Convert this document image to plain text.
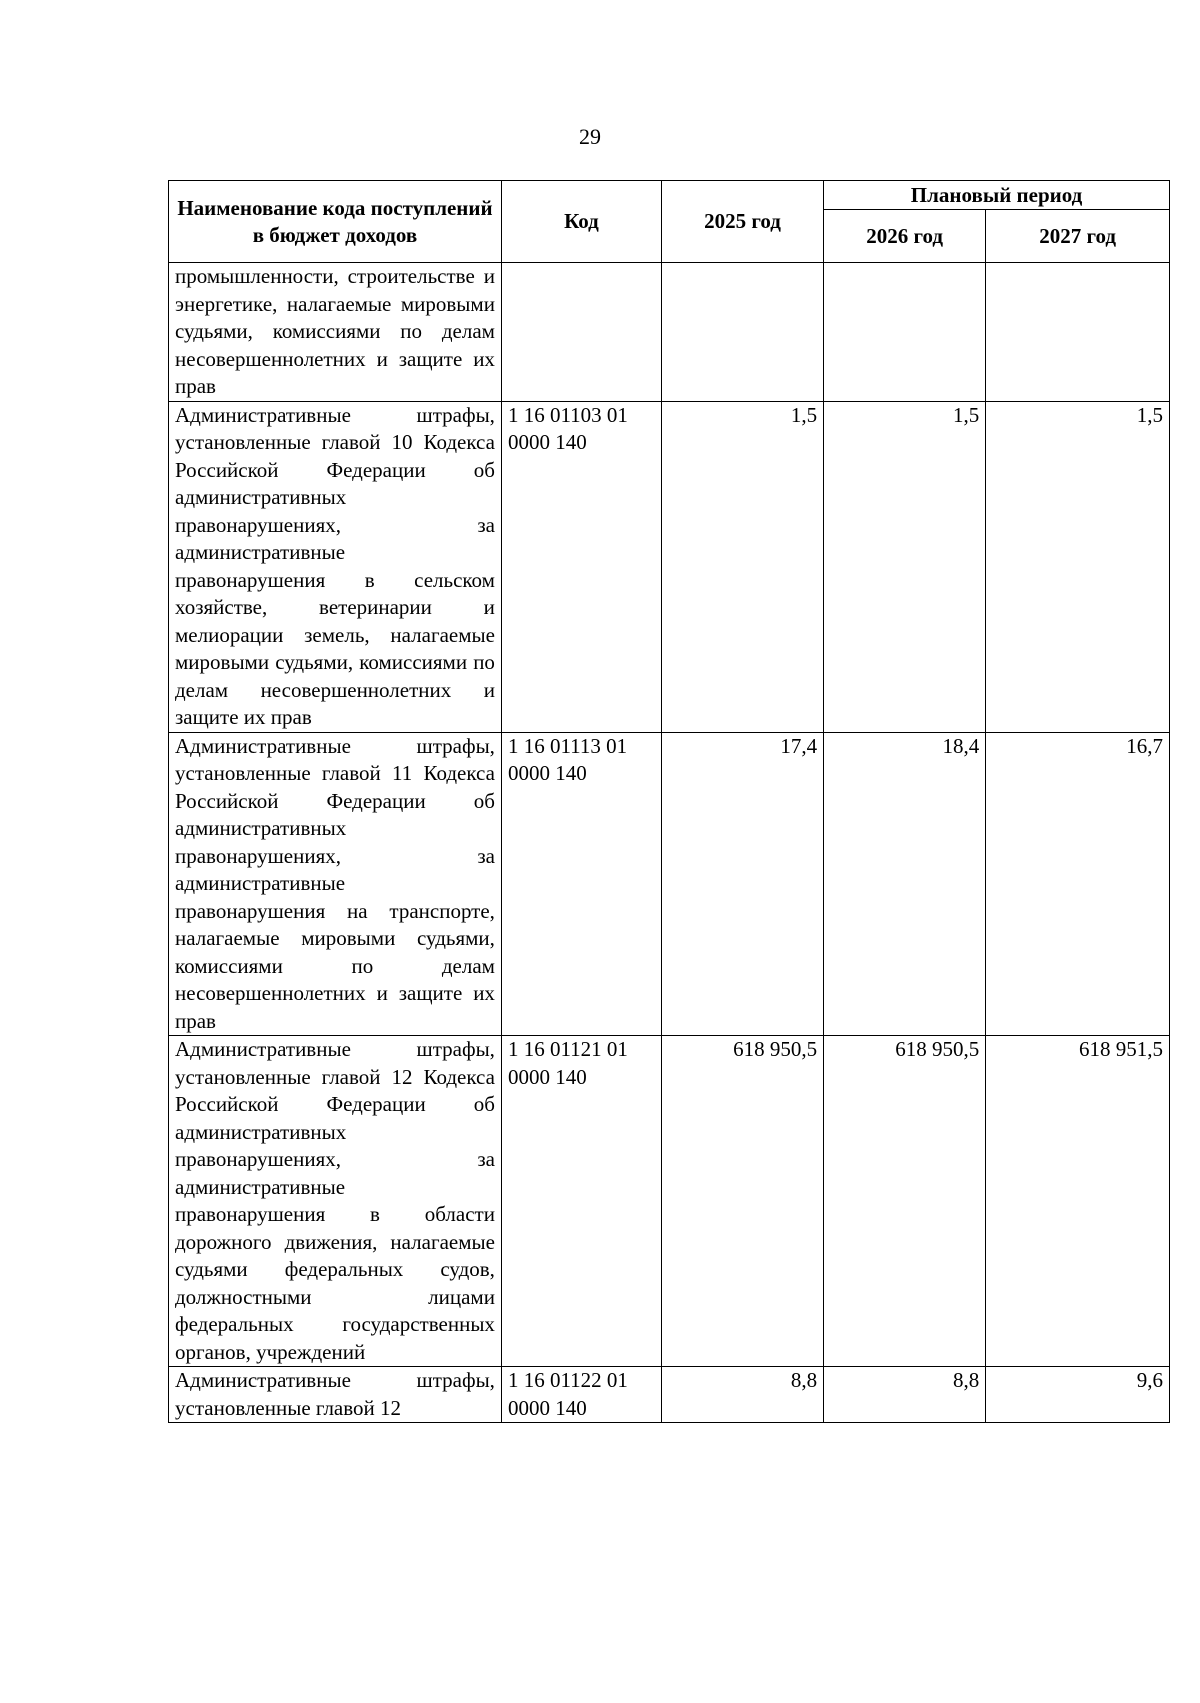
29
Наименование кода поступлений в бюджет доходов	Код	2025 год	Плановый период	
			2026 год	2027 год
промышленности, строительстве и энергетике, налагаемые мировыми судьями, комиссиями по делам несовершеннолетних и защите их прав				
Административные штрафы, установленные главой 10 Кодекса Российской Федерации об административных правонарушениях, за административные правонарушения в сельском хозяйстве, ветеринарии и мелиорации земель, налагаемые мировыми судьями, комиссиями по делам несовершеннолетних и защите их прав	1 16 01103 01 0000 140	1,5	1,5	1,5
Административные штрафы, установленные главой 11 Кодекса Российской Федерации об административных правонарушениях, за административные правонарушения на транспорте, налагаемые мировыми судьями, комиссиями по делам несовершеннолетних и защите их прав	1 16 01113 01 0000 140	17,4	18,4	16,7
Административные штрафы, установленные главой 12 Кодекса Российской Федерации об административных правонарушениях, за административные правонарушения в области дорожного движения, налагаемые судьями федеральных судов, должностными лицами федеральных государственных органов, учреждений	1 16 01121 01 0000 140	618 950,5	618 950,5	618 951,5
Административные штрафы, установленные главой 12	1 16 01122 01 0000 140	8,8	8,8	9,6
